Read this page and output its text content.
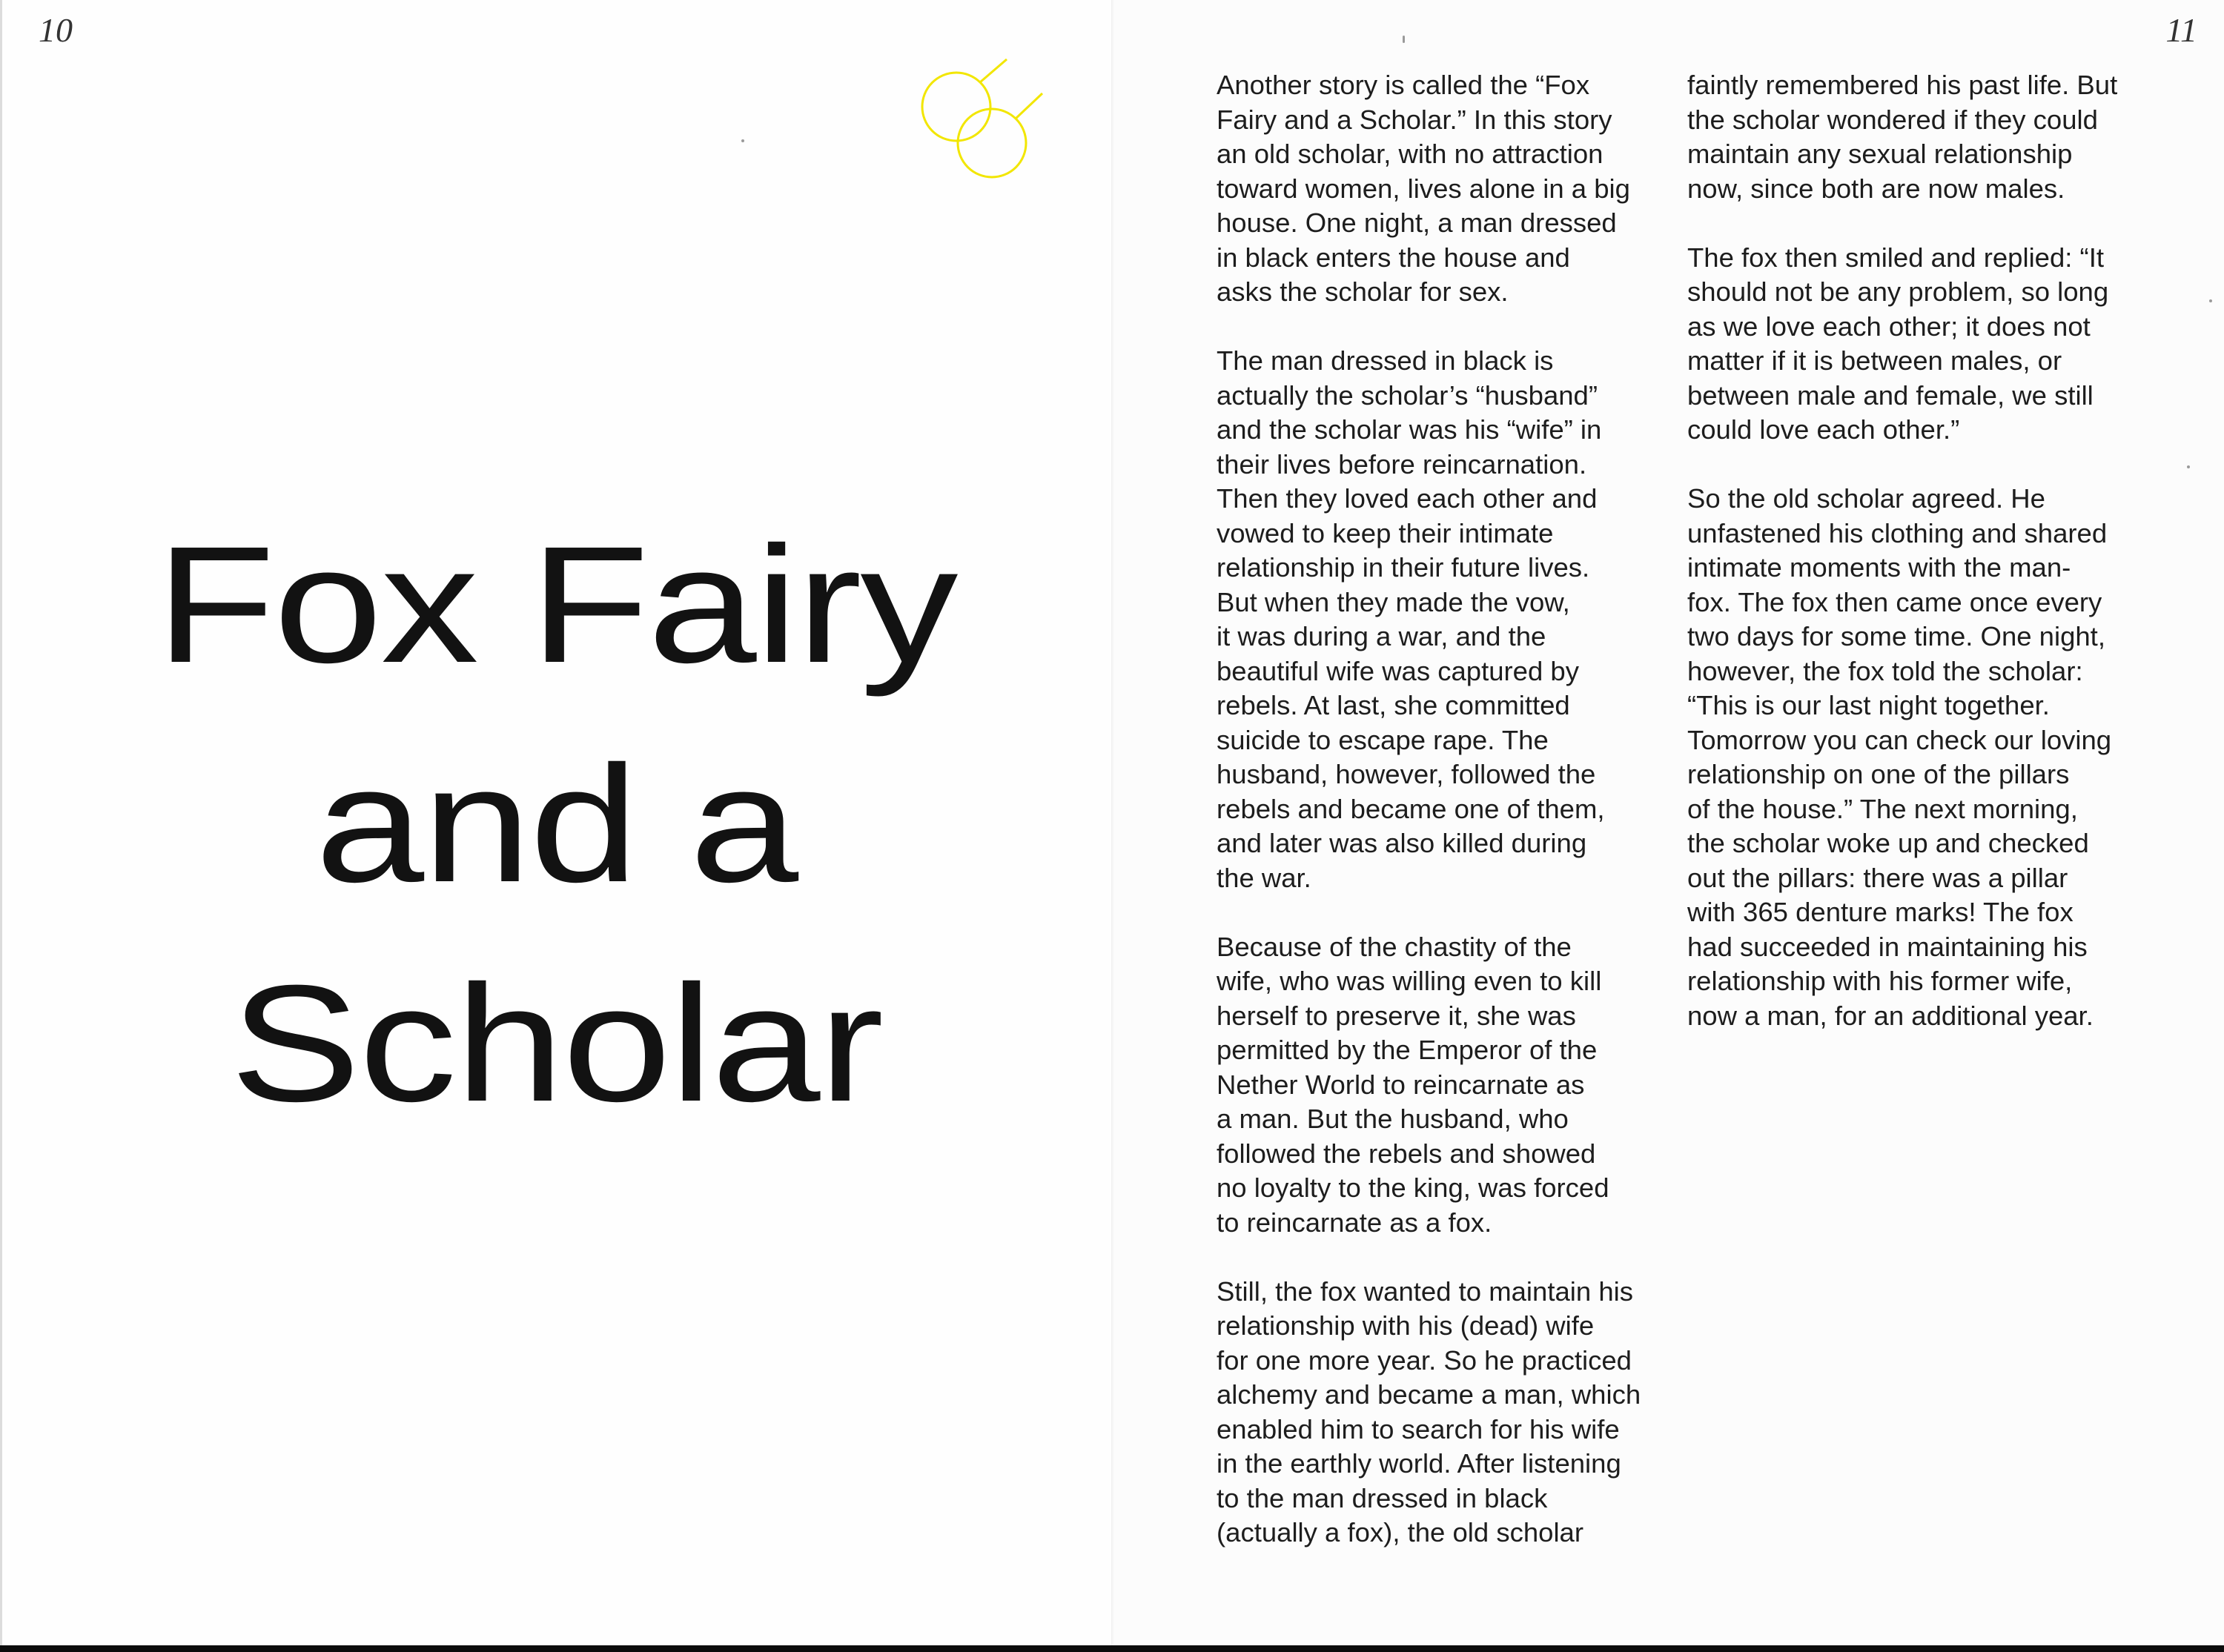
10
Fox Fairy
and a
Scholar
11

Another story is called the “Fox
Fairy and a Scholar.” In this story
an old scholar, with no attraction
toward women, lives alone in a big
house. One night, a man dressed
in black enters the house and
asks the scholar for sex.

The man dressed in black is
actually the scholar’s “husband”
and the scholar was his “wife” in
their lives before reincarnation.
Then they loved each other and
vowed to keep their intimate
relationship in their future lives.
But when they made the vow,
it was during a war, and the
beautiful wife was captured by
rebels. At last, she committed
suicide to escape rape. The
husband, however, followed the
rebels and became one of them,
and later was also killed during
the war.

Because of the chastity of the
wife, who was willing even to kill
herself to preserve it, she was
permitted by the Emperor of the
Nether World to reincarnate as
a man. But the husband, who
followed the rebels and showed
no loyalty to the king, was forced
to reincarnate as a fox.

Still, the fox wanted to maintain his
relationship with his (dead) wife
for one more year. So he practiced
alchemy and became a man, which
enabled him to search for his wife
in the earthly world. After listening
to the man dressed in black
(actually a fox), the old scholar

faintly remembered his past life. But
the scholar wondered if they could
maintain any sexual relationship
now, since both are now males.

The fox then smiled and replied: “It
should not be any problem, so long
as we love each other; it does not
matter if it is between males, or
between male and female, we still
could love each other.”

So the old scholar agreed. He
unfastened his clothing and shared
intimate moments with the man-
fox. The fox then came once every
two days for some time. One night,
however, the fox told the scholar:
“This is our last night together.
Tomorrow you can check our loving
relationship on one of the pillars
of the house.” The next morning,
the scholar woke up and checked
out the pillars: there was a pillar
with 365 denture marks! The fox
had succeeded in maintaining his
relationship with his former wife,
now a man, for an additional year.
